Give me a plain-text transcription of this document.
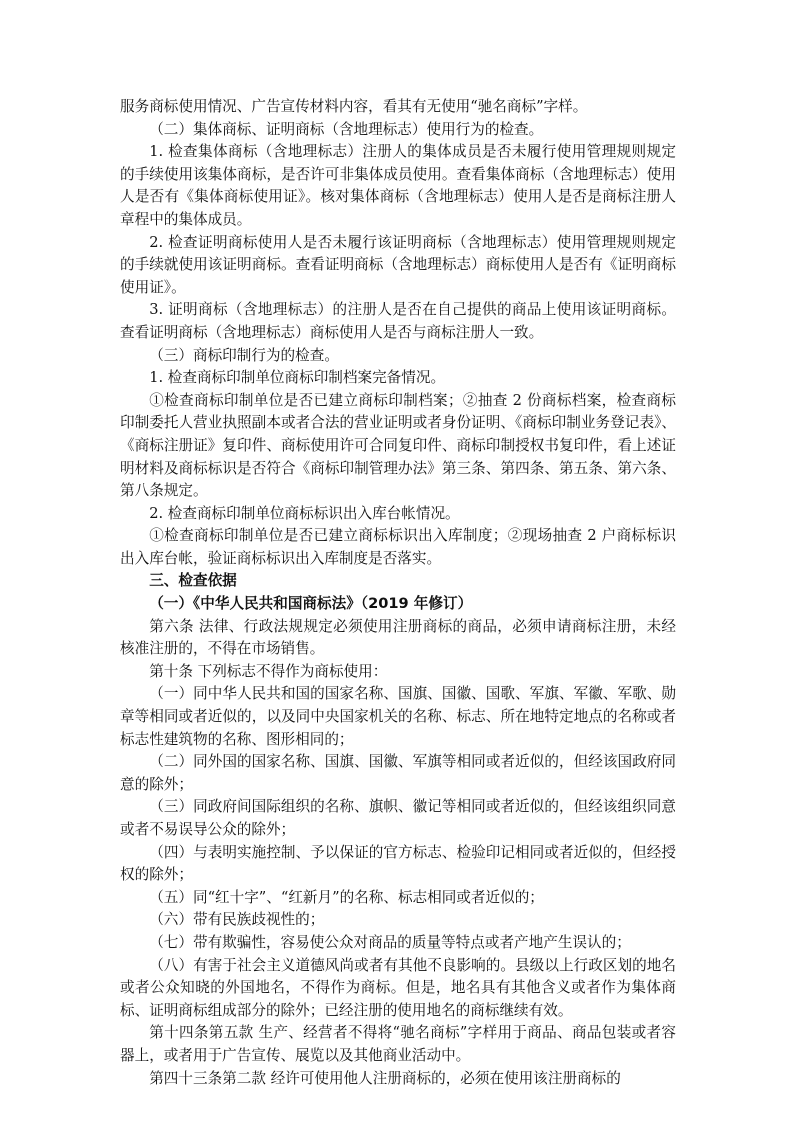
服务商标使用情况、广告宣传材料内容，看其有无使用“驰名商标”字样。

（二）集体商标、证明商标（含地理标志）使用行为的检查。

1. 检查集体商标（含地理标志）注册人的集体成员是否未履行使用管理规则规定的手续使用该集体商标，是否许可非集体成员使用。查看集体商标（含地理标志）使用人是否有《集体商标使用证》。核对集体商标（含地理标志）使用人是否是商标注册人章程中的集体成员。

2. 检查证明商标使用人是否未履行该证明商标（含地理标志）使用管理规则规定的手续就使用该证明商标。查看证明商标（含地理标志）商标使用人是否有《证明商标使用证》。

3. 证明商标（含地理标志）的注册人是否在自己提供的商品上使用该证明商标。查看证明商标（含地理标志）商标使用人是否与商标注册人一致。

（三）商标印制行为的检查。

1. 检查商标印制单位商标印制档案完备情况。

①检查商标印制单位是否已建立商标印制档案；②抽查 2 份商标档案，检查商标印制委托人营业执照副本或者合法的营业证明或者身份证明、《商标印制业务登记表》、《商标注册证》复印件、商标使用许可合同复印件、商标印制授权书复印件，看上述证明材料及商标标识是否符合《商标印制管理办法》第三条、第四条、第五条、第六条、第八条规定。

2. 检查商标印制单位商标标识出入库台帐情况。

①检查商标印制单位是否已建立商标标识出入库制度；②现场抽查 2 户商标标识出入库台帐，验证商标标识出入库制度是否落实。

三、检查依据

（一）《中华人民共和国商标法》（2019 年修订）

第六条 法律、行政法规规定必须使用注册商标的商品，必须申请商标注册，未经核准注册的，不得在市场销售。

第十条 下列标志不得作为商标使用：

（一）同中华人民共和国的国家名称、国旗、国徽、国歌、军旗、军徽、军歌、勋章等相同或者近似的，以及同中央国家机关的名称、标志、所在地特定地点的名称或者标志性建筑物的名称、图形相同的；

（二）同外国的国家名称、国旗、国徽、军旗等相同或者近似的，但经该国政府同意的除外；

（三）同政府间国际组织的名称、旗帜、徽记等相同或者近似的，但经该组织同意或者不易误导公众的除外；

（四）与表明实施控制、予以保证的官方标志、检验印记相同或者近似的，但经授权的除外；

（五）同“红十字”、“红新月”的名称、标志相同或者近似的；

（六）带有民族歧视性的；

（七）带有欺骗性，容易使公众对商品的质量等特点或者产地产生误认的；

（八）有害于社会主义道德风尚或者有其他不良影响的。县级以上行政区划的地名或者公众知晓的外国地名，不得作为商标。但是，地名具有其他含义或者作为集体商标、证明商标组成部分的除外；已经注册的使用地名的商标继续有效。

第十四条第五款 生产、经营者不得将“驰名商标”字样用于商品、商品包装或者容器上，或者用于广告宣传、展览以及其他商业活动中。

第四十三条第二款 经许可使用他人注册商标的，必须在使用该注册商标的
